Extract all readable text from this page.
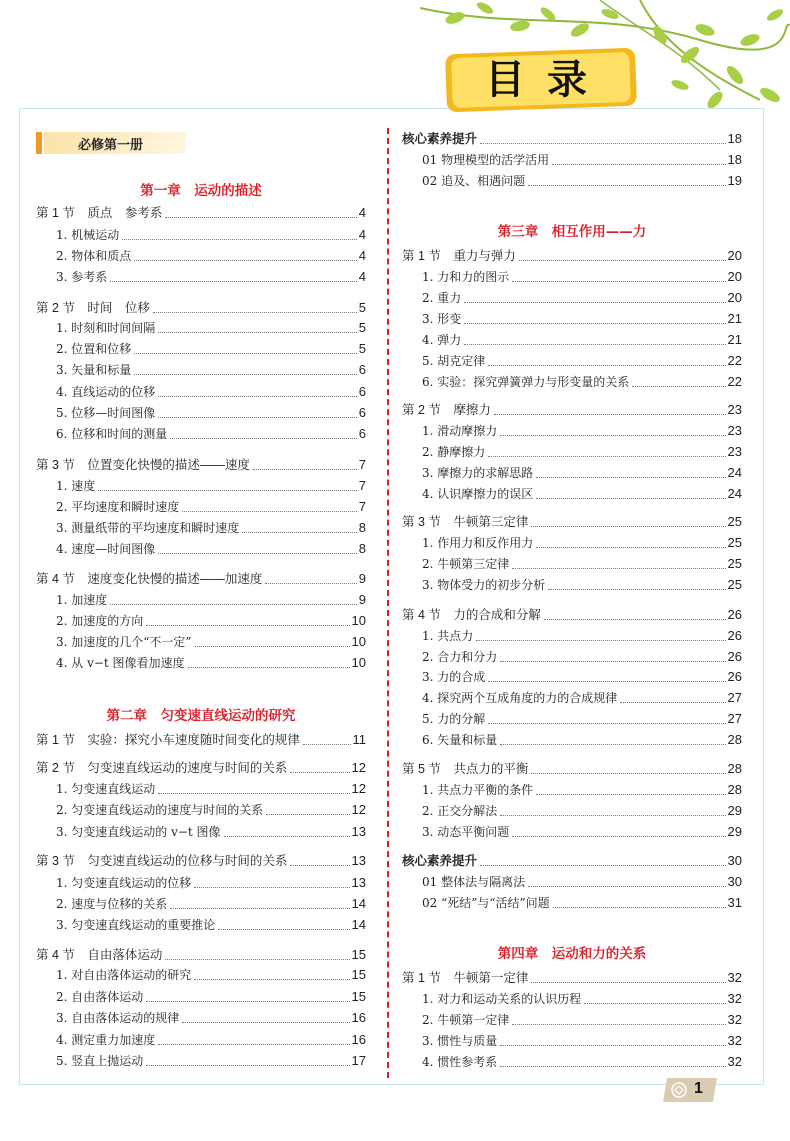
目录
必修第一册
第一章　运动的描述
第 1 节　质点　参考系	4
1. 机械运动	4
2. 物体和质点	4
3. 参考系	4
第 2 节　时间　位移	5
1. 时刻和时间间隔	5
2. 位置和位移	5
3. 矢量和标量	6
4. 直线运动的位移	6
5. 位移—时间图像	6
6. 位移和时间的测量	6
第 3 节　位置变化快慢的描述——速度	7
1. 速度	7
2. 平均速度和瞬时速度	7
3. 测量纸带的平均速度和瞬时速度	8
4. 速度—时间图像	8
第 4 节　速度变化快慢的描述——加速度	9
1. 加速度	9
2. 加速度的方向	10
3. 加速度的几个“不一定”	10
4. 从 v−t 图像看加速度	10
第二章　匀变速直线运动的研究
第 1 节　实验：探究小车速度随时间变化的规律	11
第 2 节　匀变速直线运动的速度与时间的关系	12
1. 匀变速直线运动	12
2. 匀变速直线运动的速度与时间的关系	12
3. 匀变速直线运动的 v−t 图像	13
第 3 节　匀变速直线运动的位移与时间的关系	13
1. 匀变速直线运动的位移	13
2. 速度与位移的关系	14
3. 匀变速直线运动的重要推论	14
第 4 节　自由落体运动	15
1. 对自由落体运动的研究	15
2. 自由落体运动	15
3. 自由落体运动的规律	16
4. 测定重力加速度	16
5. 竖直上抛运动	17
核心素养提升	18
01 物理模型的活学活用	18
02 追及、相遇问题	19
第三章　相互作用——力
第 1 节　重力与弹力	20
1. 力和力的图示	20
2. 重力	20
3. 形变	21
4. 弹力	21
5. 胡克定律	22
6. 实验：探究弹簧弹力与形变量的关系	22
第 2 节　摩擦力	23
1. 滑动摩擦力	23
2. 静摩擦力	23
3. 摩擦力的求解思路	24
4. 认识摩擦力的误区	24
第 3 节　牛顿第三定律	25
1. 作用力和反作用力	25
2. 牛顿第三定律	25
3. 物体受力的初步分析	25
第 4 节　力的合成和分解	26
1. 共点力	26
2. 合力和分力	26
3. 力的合成	26
4. 探究两个互成角度的力的合成规律	27
5. 力的分解	27
6. 矢量和标量	28
第 5 节　共点力的平衡	28
1. 共点力平衡的条件	28
2. 正交分解法	29
3. 动态平衡问题	29
核心素养提升	30
01 整体法与隔离法	30
02 “死结”与“活结”问题	31
第四章　运动和力的关系
第 1 节　牛顿第一定律	32
1. 对力和运动关系的认识历程	32
2. 牛顿第一定律	32
3. 惯性与质量	32
4. 惯性参考系	32
1
